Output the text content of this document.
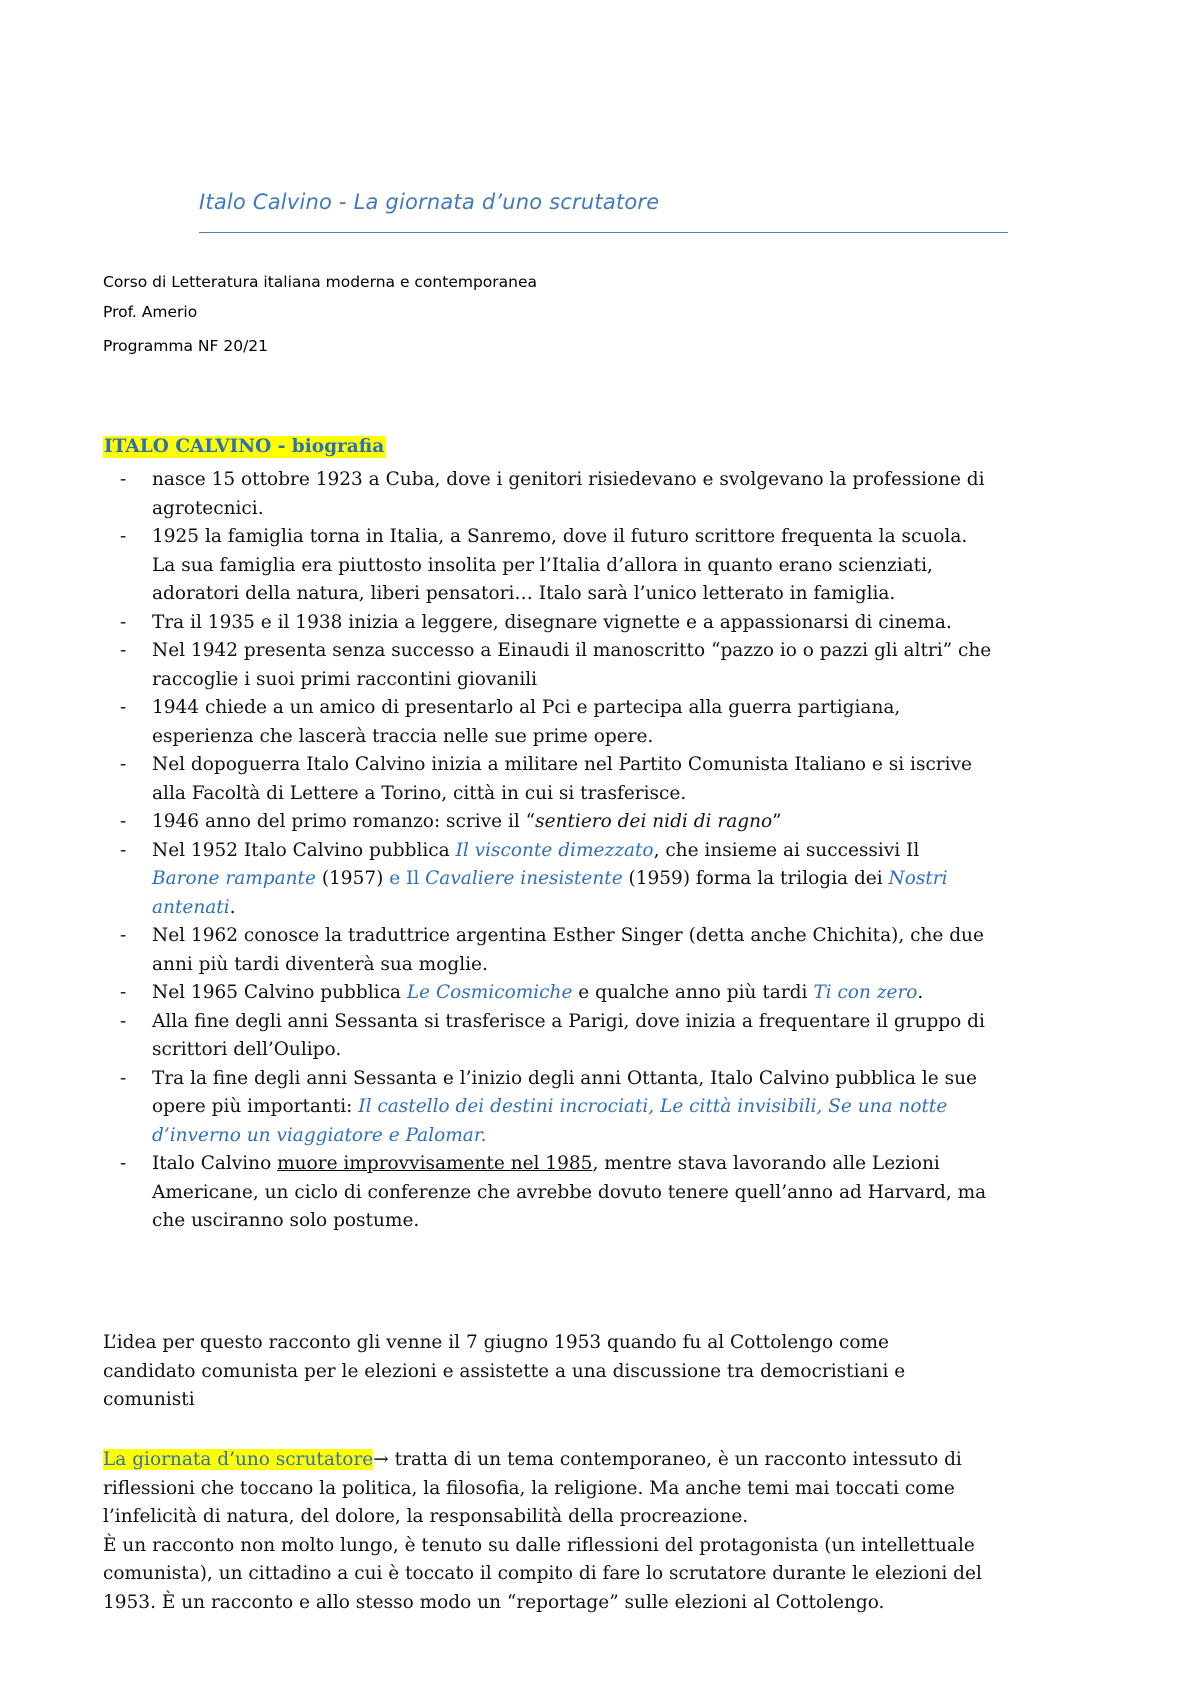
Italo Calvino - La giornata d’uno scrutatore
Corso di Letteratura italiana moderna e contemporanea
Prof. Amerio
Programma NF 20/21
ITALO CALVINO - biografia
- nasce 15 ottobre 1923 a Cuba, dove i genitori risiedevano e svolgevano la professione di
agrotecnici.
- 1925 la famiglia torna in Italia, a Sanremo, dove il futuro scrittore frequenta la scuola.
La sua famiglia era piuttosto insolita per l’Italia d’allora in quanto erano scienziati,
adoratori della natura, liberi pensatori… Italo sarà l’unico letterato in famiglia.
- Tra il 1935 e il 1938 inizia a leggere, disegnare vignette e a appassionarsi di cinema.
- Nel 1942 presenta senza successo a Einaudi il manoscritto “pazzo io o pazzi gli altri” che
raccoglie i suoi primi raccontini giovanili
- 1944 chiede a un amico di presentarlo al Pci e partecipa alla guerra partigiana,
esperienza che lascerà traccia nelle sue prime opere.
- Nel dopoguerra Italo Calvino inizia a militare nel Partito Comunista Italiano e si iscrive
alla Facoltà di Lettere a Torino, città in cui si trasferisce.
- 1946 anno del primo romanzo: scrive il “sentiero dei nidi di ragno”
- Nel 1952 Italo Calvino pubblica Il visconte dimezzato, che insieme ai successivi Il
Barone rampante (1957) e Il Cavaliere inesistente (1959) forma la trilogia dei Nostri
antenati.
- Nel 1962 conosce la traduttrice argentina Esther Singer (detta anche Chichita), che due
anni più tardi diventerà sua moglie.
- Nel 1965 Calvino pubblica Le Cosmicomiche e qualche anno più tardi Ti con zero.
- Alla fine degli anni Sessanta si trasferisce a Parigi, dove inizia a frequentare il gruppo di
scrittori dell’Oulipo.
- Tra la fine degli anni Sessanta e l’inizio degli anni Ottanta, Italo Calvino pubblica le sue
opere più importanti: Il castello dei destini incrociati, Le città invisibili, Se una notte
d’inverno un viaggiatore e Palomar.
- Italo Calvino muore improvvisamente nel 1985, mentre stava lavorando alle Lezioni
Americane, un ciclo di conferenze che avrebbe dovuto tenere quell’anno ad Harvard, ma
che usciranno solo postume.
L’idea per questo racconto gli venne il 7 giugno 1953 quando fu al Cottolengo come
candidato comunista per le elezioni e assistette a una discussione tra democristiani e
comunisti
La giornata d’uno scrutatore→ tratta di un tema contemporaneo, è un racconto intessuto di
riflessioni che toccano la politica, la filosofia, la religione. Ma anche temi mai toccati come
l’infelicità di natura, del dolore, la responsabilità della procreazione.
È un racconto non molto lungo, è tenuto su dalle riflessioni del protagonista (un intellettuale
comunista), un cittadino a cui è toccato il compito di fare lo scrutatore durante le elezioni del
1953. È un racconto e allo stesso modo un “reportage” sulle elezioni al Cottolengo.
